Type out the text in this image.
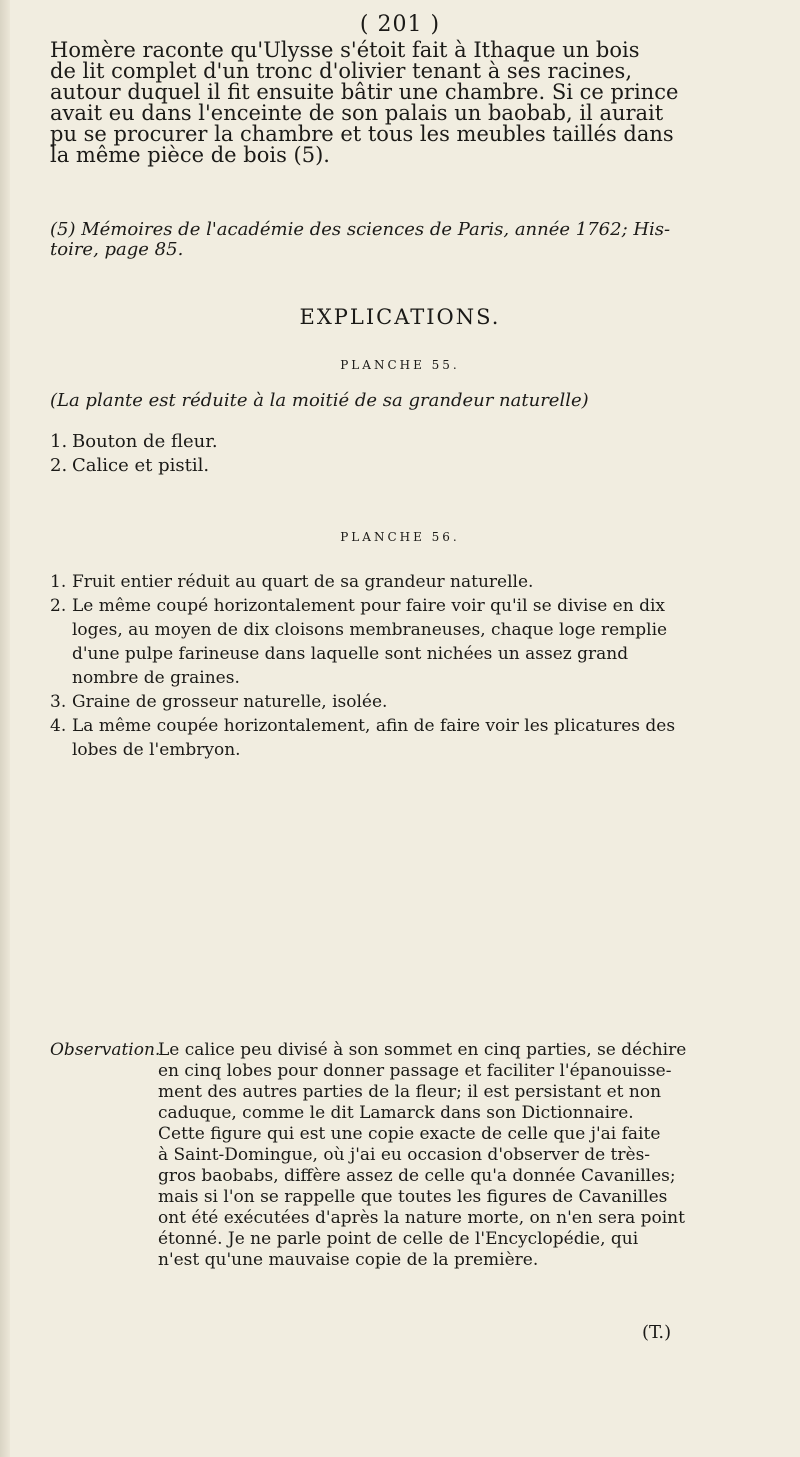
( 201 )
Homère raconte qu'Ulysse s'étoit fait à Ithaque un bois
de lit complet d'un tronc d'olivier tenant à ses racines,
autour duquel il fit ensuite bâtir une chambre. Si ce prince
avait eu dans l'enceinte de son palais un baobab, il aurait
pu se procurer la chambre et tous les meubles taillés dans
la même pièce de bois (5).
(5) Mémoires de l'académie des sciences de Paris, année 1762; His-
toire, page 85.
EXPLICATIONS.
PLANCHE 55.
(La plante est réduite à la moitié de sa grandeur naturelle)
1. Bouton de fleur.
2. Calice et pistil.
PLANCHE 56.
1. Fruit entier réduit au quart de sa grandeur naturelle.
2. Le même coupé horizontalement pour faire voir qu'il se divise en dix
loges, au moyen de dix cloisons membraneuses, chaque loge remplie
d'une pulpe farineuse dans laquelle sont nichées un assez grand
nombre de graines.
3. Graine de grosseur naturelle, isolée.
4. La même coupée horizontalement, afin de faire voir les plicatures des
lobes de l'embryon.
Observation.
Le calice peu divisé à son sommet en cinq parties, se déchire
en cinq lobes pour donner passage et faciliter l'épanouisse-
ment des autres parties de la fleur; il est persistant et non
caduque, comme le dit Lamarck dans son Dictionnaire.
Cette figure qui est une copie exacte de celle que j'ai faite
à Saint-Domingue, où j'ai eu occasion d'observer de très-
gros baobabs, diffère assez de celle qu'a donnée Cavanilles;
mais si l'on se rappelle que toutes les figures de Cavanilles
ont été exécutées d'après la nature morte, on n'en sera point
étonné. Je ne parle point de celle de l'Encyclopédie, qui
n'est qu'une mauvaise copie de la première.
(T.)
